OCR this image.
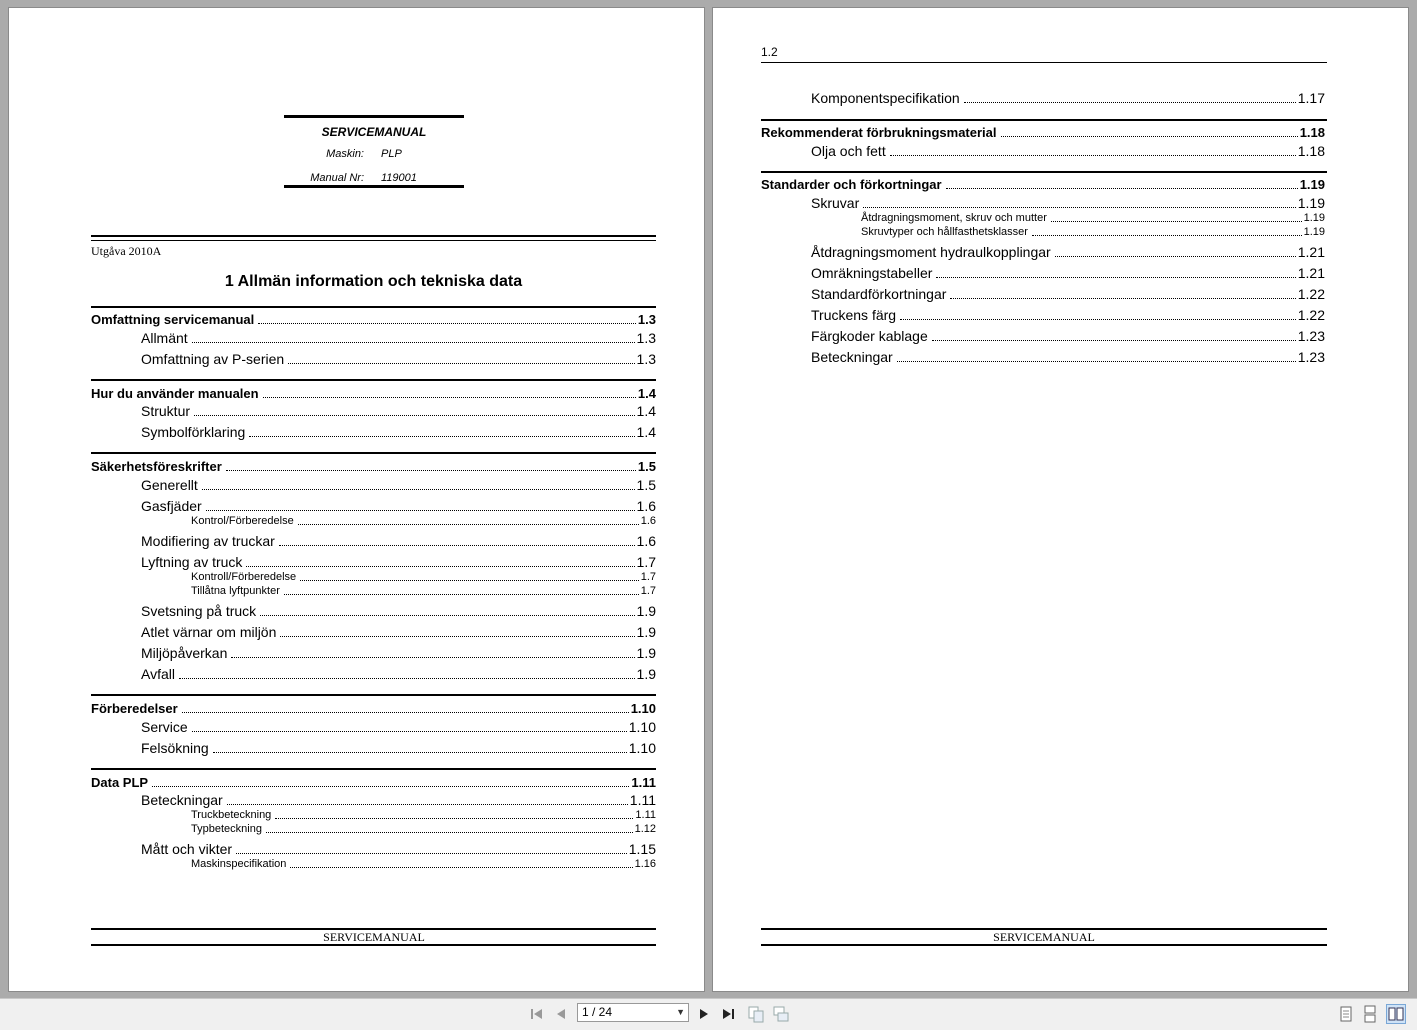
SERVICEMANUAL
Maskin: PLP
Manual Nr: 119001
Utgåva 2010A
1 Allmän information och tekniska data
Omfattning servicemanual	1.3
Allmänt	1.3
Omfattning av P-serien	1.3
Hur du använder manualen	1.4
Struktur	1.4
Symbolförklaring	1.4
Säkerhetsföreskrifter	1.5
Generellt	1.5
Gasfjäder	1.6
Kontrol/Förberedelse	1.6
Modifiering av truckar	1.6
Lyftning av truck	1.7
Kontroll/Förberedelse	1.7
Tillåtna lyftpunkter	1.7
Svetsning på truck	1.9
Atlet värnar om miljön	1.9
Miljöpåverkan	1.9
Avfall	1.9
Förberedelser	1.10
Service	1.10
Felsökning	1.10
Data PLP	1.11
Beteckningar	1.11
Truckbeteckning	1.11
Typbeteckning	1.12
Mått och vikter	1.15
Maskinspecifikation	1.16
SERVICEMANUAL
1.2
Komponentspecifikation	1.17
Rekommenderat förbrukningsmaterial	1.18
Olja och fett	1.18
Standarder och förkortningar	1.19
Skruvar	1.19
Åtdragningsmoment, skruv och mutter	1.19
Skruvtyper och hållfasthetsklasser	1.19
Åtdragningsmoment hydraulkopplingar	1.21
Omräkningstabeller	1.21
Standardförkortningar	1.22
Truckens färg	1.22
Färgkoder kablage	1.23
Beteckningar	1.23
SERVICEMANUAL
1 / 24	▼
